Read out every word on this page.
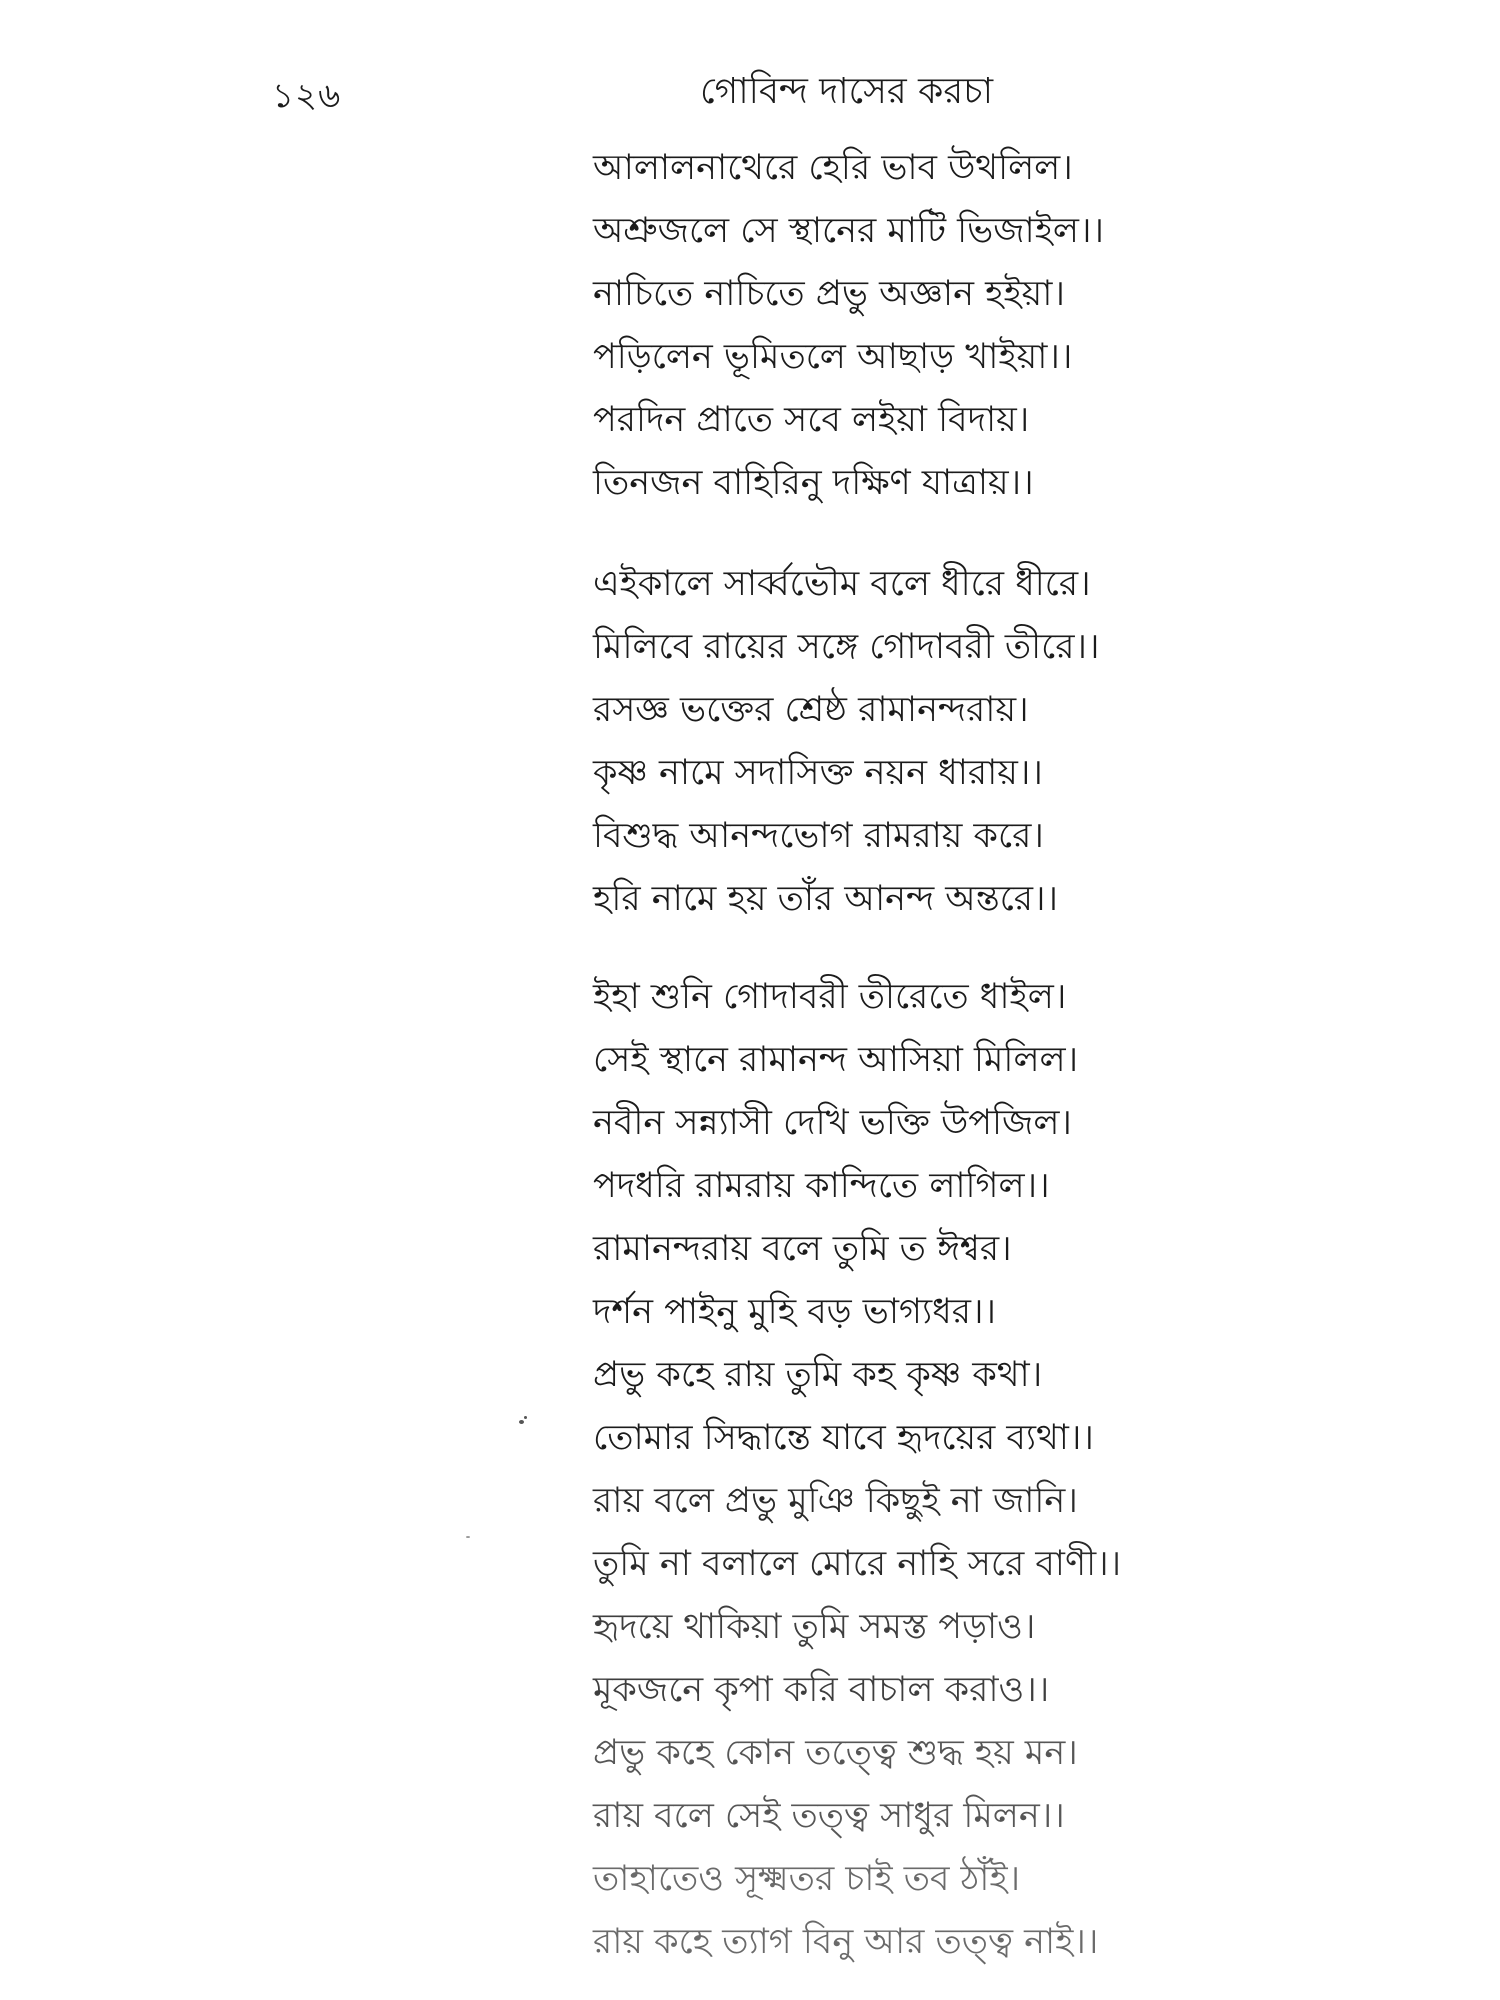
১২৬	গোবিন্দ দাসের করচা
আলালনাথেরে হেরি ভাব উথলিল।
অশ্রুজলে সে স্থানের মাটি ভিজাইল।।
নাচিতে নাচিতে প্রভু অজ্ঞান হইয়া।
পড়িলেন ভূমিতলে আছাড় খাইয়া।।
পরদিন প্রাতে সবে লইয়া বিদায়।
তিনজন বাহিরিনু দক্ষিণ যাত্রায়।।
এইকালে সার্ব্বভৌম বলে ধীরে ধীরে।
মিলিবে রায়ের সঙ্গে গোদাবরী তীরে।।
রসজ্ঞ ভক্তের শ্রেষ্ঠ রামানন্দরায়।
কৃষ্ণ নামে সদাসিক্ত নয়ন ধারায়।।
বিশুদ্ধ আনন্দভোগ রামরায় করে।
হরি নামে হয় তাঁর আনন্দ অন্তরে।।
ইহা শুনি গোদাবরী তীরেতে ধাইল।
সেই স্থানে রামানন্দ আসিয়া মিলিল।
নবীন সন্ন্যাসী দেখি ভক্তি উপজিল।
পদধরি রামরায় কান্দিতে লাগিল।।
রামানন্দরায় বলে তুমি ত ঈশ্বর।
দর্শন পাইনু মুহি বড় ভাগ্যধর।।
প্রভু কহে রায় তুমি কহ কৃষ্ণ কথা।
তোমার সিদ্ধান্তে যাবে হৃদয়ের ব্যথা।।
রায় বলে প্রভু মুঞি কিছুই না জানি।
তুমি না বলালে মোরে নাহি সরে বাণী।।
হৃদয়ে থাকিয়া তুমি সমস্ত পড়াও।
মূকজনে কৃপা করি বাচাল করাও।।
প্রভু কহে কোন তত্ত্বে শুদ্ধ হয় মন।
রায় বলে সেই তত্ত্ব সাধুর মিলন।।
তাহাতেও সূক্ষ্মতর চাই তব ঠাঁই।
রায় কহে ত্যাগ বিনু আর তত্ত্ব নাই।।
